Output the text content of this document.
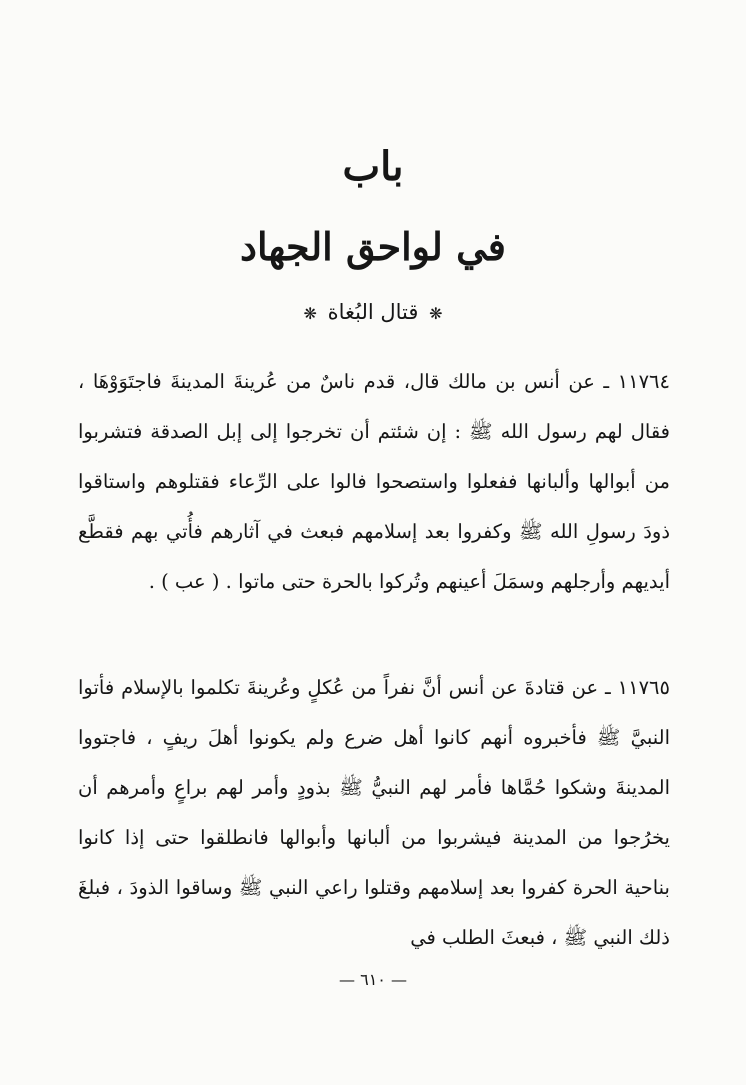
باب
في لواحق الجهاد
❋ قتال البُغاة ❋
١١٧٦٤ ـ عن أنس بن مالك قال، قدم ناسٌ من عُرينةَ المدينةَ فاجتَوَوْهَا ، فقال لهم رسول الله ﷺ : إن شئتم أن تخرجوا إلى إبل الصدقة فتشربوا من أبوالها وألبانها ففعلوا واستصحوا فالوا على الرِّعاء فقتلوهم واستاقوا ذودَ رسولِ الله ﷺ وكفروا بعد إسلامهم فبعث في آثارهم فأُتي بهم فقطَّع أيديهم وأرجلهم وسمَلَ أعينهم وتُركوا بالحرة حتى ماتوا . ( عب ) .
١١٧٦٥ ـ عن قتادةَ عن أنس أنَّ نفراً من عُكلٍ وعُرينةَ تكلموا بالإسلام فأتوا النبيَّ ﷺ فأخبروه أنهم كانوا أهل ضرع ولم يكونوا أهلَ ريفٍ ، فاجتووا المدينةَ وشكوا حُمَّاها فأمر لهم النبيُّ ﷺ بذودٍ وأمر لهم براعٍ وأمرهم أن يخرُجوا من المدينة فيشربوا من ألبانها وأبوالها فانطلقوا حتى إذا كانوا بناحية الحرة كفروا بعد إسلامهم وقتلوا راعي النبي ﷺ وساقوا الذودَ ، فبلغَ ذلك النبي ﷺ ، فبعثَ الطلب في
— ٦١٠ —
